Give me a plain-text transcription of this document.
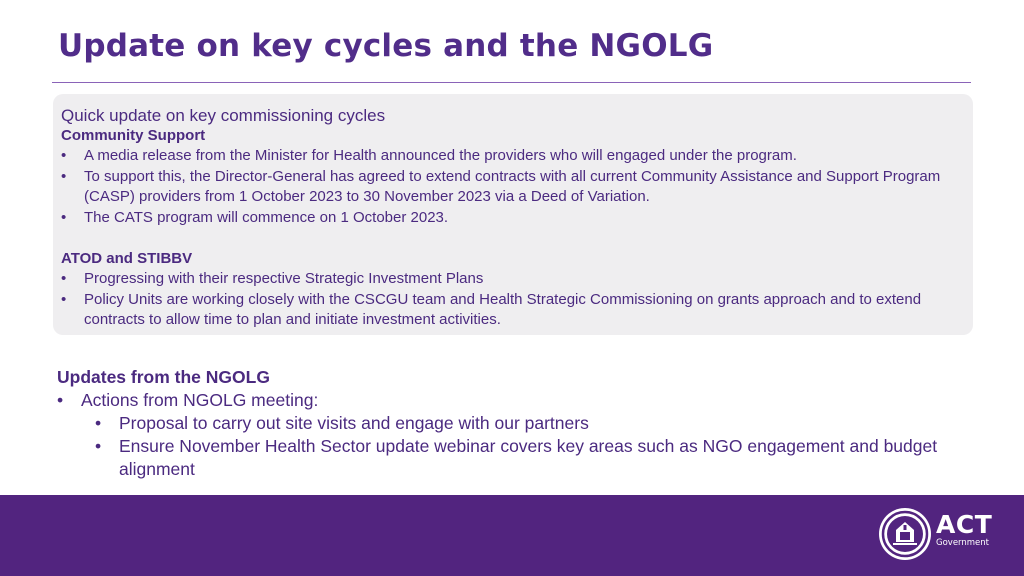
Update on key cycles and the NGOLG
Quick update on key commissioning cycles
Community Support
• A media release from the Minister for Health announced the providers who will engaged under the program.
• To support this, the Director-General has agreed to extend contracts with all current Community Assistance and Support Program (CASP) providers from 1 October 2023 to 30 November 2023 via a Deed of Variation.
• The CATS program will commence on 1 October 2023.
ATOD and STIBBV
• Progressing with their respective Strategic Investment Plans
• Policy Units are working closely with the CSCGU team and Health Strategic Commissioning on grants approach and to extend contracts to allow time to plan and initiate investment activities.
Updates from the NGOLG
• Actions from NGOLG meeting:
• Proposal to carry out site visits and engage with our partners
• Ensure November Health Sector update webinar covers key areas such as NGO engagement and budget alignment
ACT
Government
